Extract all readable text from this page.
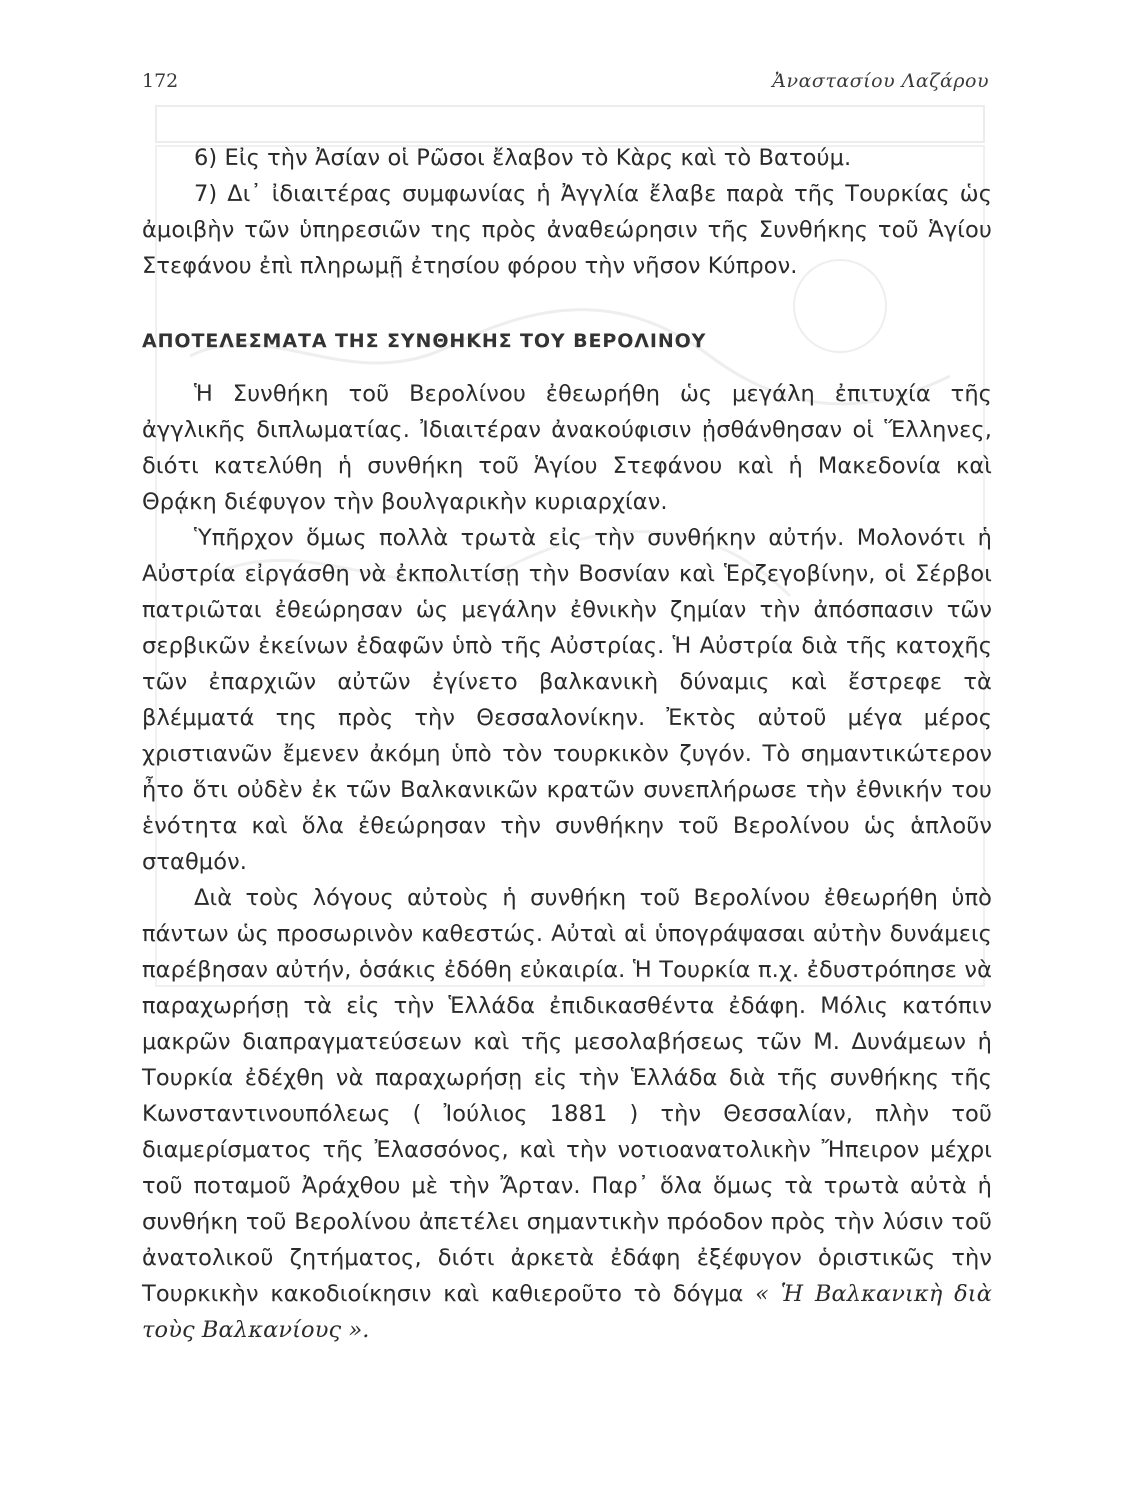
172	Ἀναστασίου Λαζάρου

6) Εἰς τὴν Ἀσίαν οἱ Ρῶσοι ἔλαβον τὸ Κὰρς καὶ τὸ Βατούμ.

7) Δι᾽ ἰδιαιτέρας συμφωνίας ἡ Ἀγγλία ἔλαβε παρὰ τῆς Τουρκίας ὡς ἀμοιβὴν τῶν ὑπηρεσιῶν της πρὸς ἀναθεώρησιν τῆς Συνθήκης τοῦ Ἁγίου Στεφάνου ἐπὶ πληρωμῇ ἐτησίου φόρου τὴν νῆσον Κύπρον.

ΑΠΟΤΕΛΕΣΜΑΤΑ ΤΗΣ ΣΥΝΘΗΚΗΣ ΤΟΥ ΒΕΡΟΛΙΝΟΥ

Ἡ Συνθήκη τοῦ Βερολίνου ἐθεωρήθη ὡς μεγάλη ἐπιτυχία τῆς ἀγγλικῆς διπλωματίας. Ἰδιαιτέραν ἀνακούφισιν ᾐσθάνθησαν οἱ Ἕλληνες, διότι κατελύθη ἡ συνθήκη τοῦ Ἁγίου Στεφάνου καὶ ἡ Μακεδονία καὶ Θρᾴκη διέφυγον τὴν βουλγαρικὴν κυριαρχίαν.

Ὑπῆρχον ὅμως πολλὰ τρωτὰ εἰς τὴν συνθήκην αὐτήν. Μολονότι ἡ Αὐστρία εἰργάσθη νὰ ἐκπολιτίσῃ τὴν Βοσνίαν καὶ Ἑρζεγοβίνην, οἱ Σέρβοι πατριῶται ἐθεώρησαν ὡς μεγάλην ἐθνικὴν ζημίαν τὴν ἀπόσπασιν τῶν σερβικῶν ἐκείνων ἐδαφῶν ὑπὸ τῆς Αὐστρίας. Ἡ Αὐστρία διὰ τῆς κατοχῆς τῶν ἐπαρχιῶν αὐτῶν ἐγίνετο βαλκανικὴ δύναμις καὶ ἔστρεφε τὰ βλέμματά της πρὸς τὴν Θεσσαλονίκην. Ἐκτὸς αὐτοῦ μέγα μέρος χριστιανῶν ἔμενεν ἀκόμη ὑπὸ τὸν τουρκικὸν ζυγόν. Τὸ σημαντικώτερον ἦτο ὅτι οὐδὲν ἐκ τῶν Βαλκανικῶν κρατῶν συνεπλήρωσε τὴν ἐθνικήν του ἑνότητα καὶ ὅλα ἐθεώρησαν τὴν συνθήκην τοῦ Βερολίνου ὡς ἁπλοῦν σταθμόν.

Διὰ τοὺς λόγους αὐτοὺς ἡ συνθήκη τοῦ Βερολίνου ἐθεωρήθη ὑπὸ πάντων ὡς προσωρινὸν καθεστώς. Αὐταὶ αἱ ὑπογράψασαι αὐτὴν δυνάμεις παρέβησαν αὐτήν, ὁσάκις ἐδόθη εὐκαιρία. Ἡ Τουρκία π.χ. ἐδυστρόπησε νὰ παραχωρήσῃ τὰ εἰς τὴν Ἑλλάδα ἐπιδικασθέντα ἐδάφη. Μόλις κατόπιν μακρῶν διαπραγματεύσεων καὶ τῆς μεσολαβήσεως τῶν Μ. Δυνάμεων ἡ Τουρκία ἐδέχθη νὰ παραχωρήσῃ εἰς τὴν Ἑλλάδα διὰ τῆς συνθήκης τῆς Κωνσταντινουπόλεως ( Ἰούλιος 1881 ) τὴν Θεσσαλίαν, πλὴν τοῦ διαμερίσματος τῆς Ἐλασσόνος, καὶ τὴν νοτιοανατολικὴν Ἤπειρον μέχρι τοῦ ποταμοῦ Ἀράχθου μὲ τὴν Ἄρταν. Παρ᾽ ὅλα ὅμως τὰ τρωτὰ αὐτὰ ἡ συνθήκη τοῦ Βερολίνου ἀπετέλει σημαντικὴν πρόοδον πρὸς τὴν λύσιν τοῦ ἀνατολικοῦ ζητήματος, διότι ἀρκετὰ ἐδάφη ἐξέφυγον ὁριστικῶς τὴν Τουρκικὴν κακοδιοίκησιν καὶ καθιεροῦτο τὸ δόγμα « Ἡ Βαλκανικὴ διὰ τοὺς Βαλκανίους ».
